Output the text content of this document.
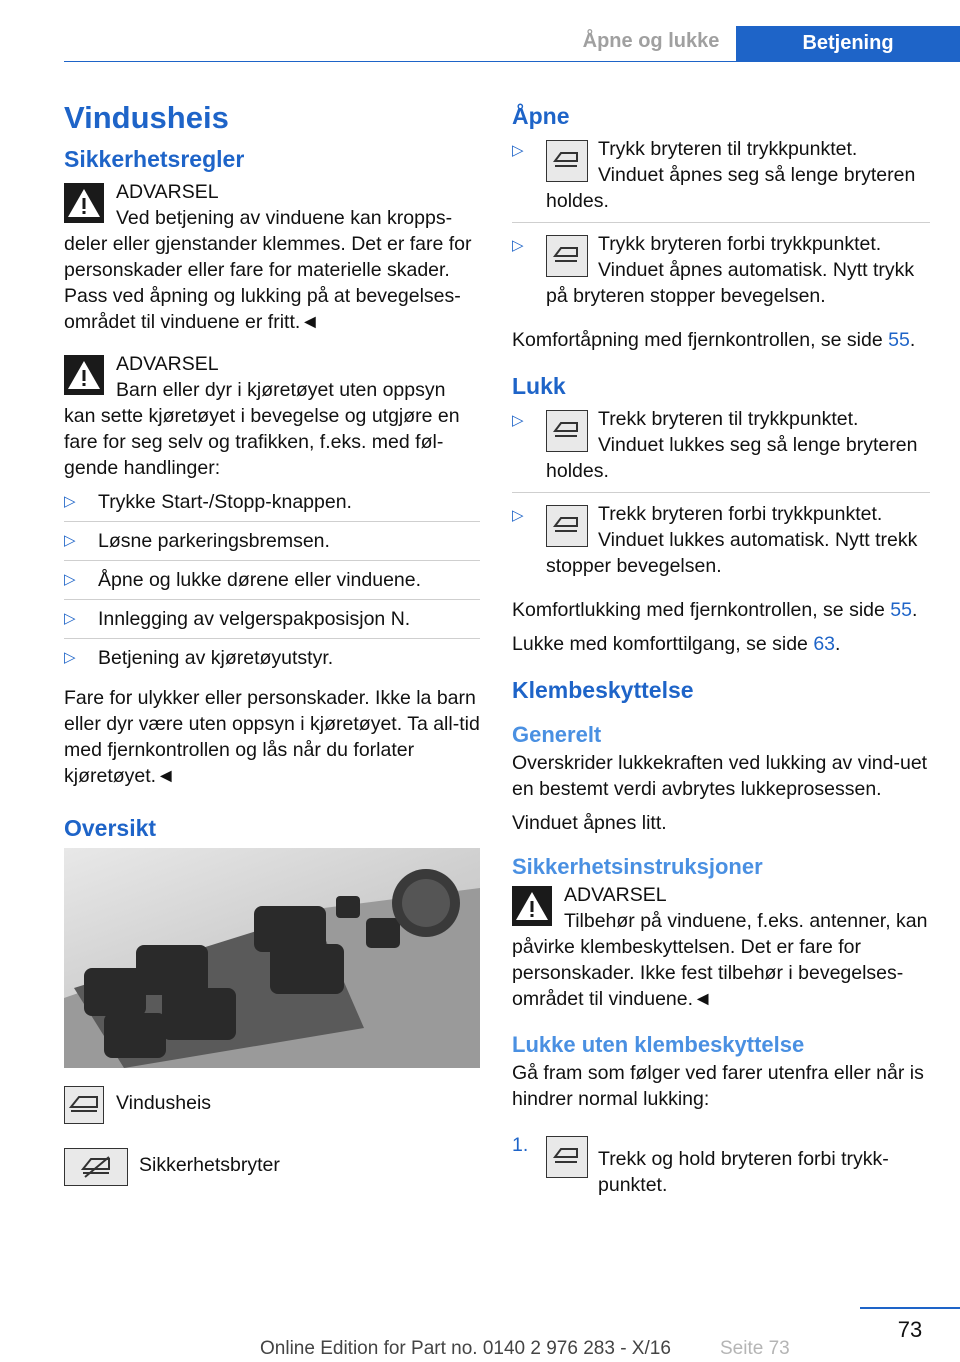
Åpne og lukke	Betjening
Vindusheis
Sikkerhetsregler
ADVARSEL
Ved betjening av vinduene kan kropps-deler eller gjenstander klemmes. Det er fare for personskader eller fare for materielle skader. Pass ved åpning og lukking på at bevegelses-området til vinduene er fritt.◄
ADVARSEL
Barn eller dyr i kjøretøyet uten oppsyn kan sette kjøretøyet i bevegelse og utgjøre en fare for seg selv og trafikken, f.eks. med føl-gende handlinger:
▷ Trykke Start-/Stopp-knappen.
▷ Løsne parkeringsbremsen.
▷ Åpne og lukke dørene eller vinduene.
▷ Innlegging av velgerspakposisjon N.
▷ Betjening av kjøretøyutstyr.

Fare for ulykker eller personskader. Ikke la barn eller dyr være uten oppsyn i kjøretøyet. Ta all-tid med fjernkontrollen og lås når du forlater kjøretøyet.◄

Oversikt
Vindusheis
Sikkerhetsbryter
Åpne
▷	Trykk bryteren til trykkpunktet.
Vinduet åpnes seg så lenge bryteren holdes.
▷	Trykk bryteren forbi trykkpunktet.
Vinduet åpnes automatisk. Nytt trykk på bryteren stopper bevegelsen.

Komfortåpning med fjernkontrollen, se side 55.

Lukk
▷	Trekk bryteren til trykkpunktet.
Vinduet lukkes seg så lenge bryteren holdes.
▷	Trekk bryteren forbi trykkpunktet.
Vinduet lukkes automatisk. Nytt trekk stopper bevegelsen.

Komfortlukking med fjernkontrollen, se side 55.

Lukke med komforttilgang, se side 63.

Klembeskyttelse
Generelt

Overskrider lukkekraften ved lukking av vind-uet en bestemt verdi avbrytes lukkeprosessen.

Vinduet åpnes litt.

Sikkerhetsinstruksjoner
ADVARSEL
Tilbehør på vinduene, f.eks. antenner, kan påvirke klembeskyttelsen. Det er fare for personskader. Ikke fest tilbehør i bevegelses-området til vinduene.◄
Lukke uten klembeskyttelse

Gå fram som følger ved farer utenfra eller når is hindrer normal lukking:

1.
Trekk og hold bryteren forbi trykk-punktet.
73
Online Edition for Part no. 0140 2 976 283 - X/16	Seite 73
